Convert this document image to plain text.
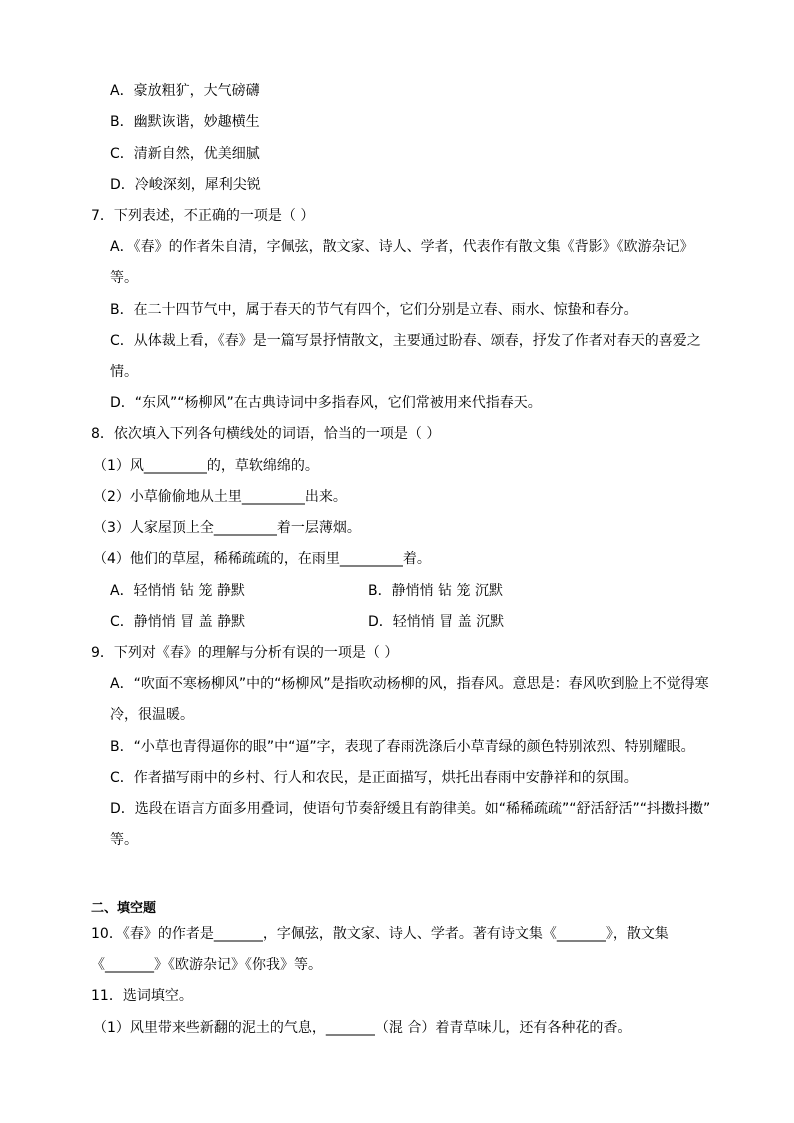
A．豪放粗犷，大气磅礴
B．幽默诙谐，妙趣横生
C．清新自然，优美细腻
D．冷峻深刻，犀利尖锐
7．下列表述，不正确的一项是（ ）
A．《春》的作者朱自清，字佩弦，散文家、诗人、学者，代表作有散文集《背影》《欧游杂记》
等。
B．在二十四节气中，属于春天的节气有四个，它们分别是立春、雨水、惊蛰和春分。
C．从体裁上看，《春》是一篇写景抒情散文，主要通过盼春、颂春，抒发了作者对春天的喜爱之
情。
D．“东风”“杨柳风”在古典诗词中多指春风，它们常被用来代指春天。
8．依次填入下列各句横线处的词语，恰当的一项是（ ）
（1）风_________的，草软绵绵的。
（2）小草偷偷地从土里_________出来。
（3）人家屋顶上全_________着一层薄烟。
（4）他们的草屋，稀稀疏疏的，在雨里_________着。
A．轻悄悄 钻 笼 静默	B．静悄悄 钻 笼 沉默
C．静悄悄 冒 盖 静默	D．轻悄悄 冒 盖 沉默
9．下列对《春》的理解与分析有误的一项是（ ）
A．“吹面不寒杨柳风”中的“杨柳风”是指吹动杨柳的风，指春风。意思是：春风吹到脸上不觉得寒
冷，很温暖。
B．“小草也青得逼你的眼”中“逼”字，表现了春雨洗涤后小草青绿的颜色特别浓烈、特别耀眼。
C．作者描写雨中的乡村、行人和农民，是正面描写，烘托出春雨中安静祥和的氛围。
D．选段在语言方面多用叠词，使语句节奏舒缓且有韵律美。如“稀稀疏疏”“舒活舒活”“抖擞抖擞”
等。
二、填空题
10．《春》的作者是_______，字佩弦，散文家、诗人、学者。著有诗文集《_______》，散文集
《_______》《欧游杂记》《你我》等。
11．选词填空。
（1）风里带来些新翻的泥土的气息，_______（混 合）着青草味儿，还有各种花的香。
